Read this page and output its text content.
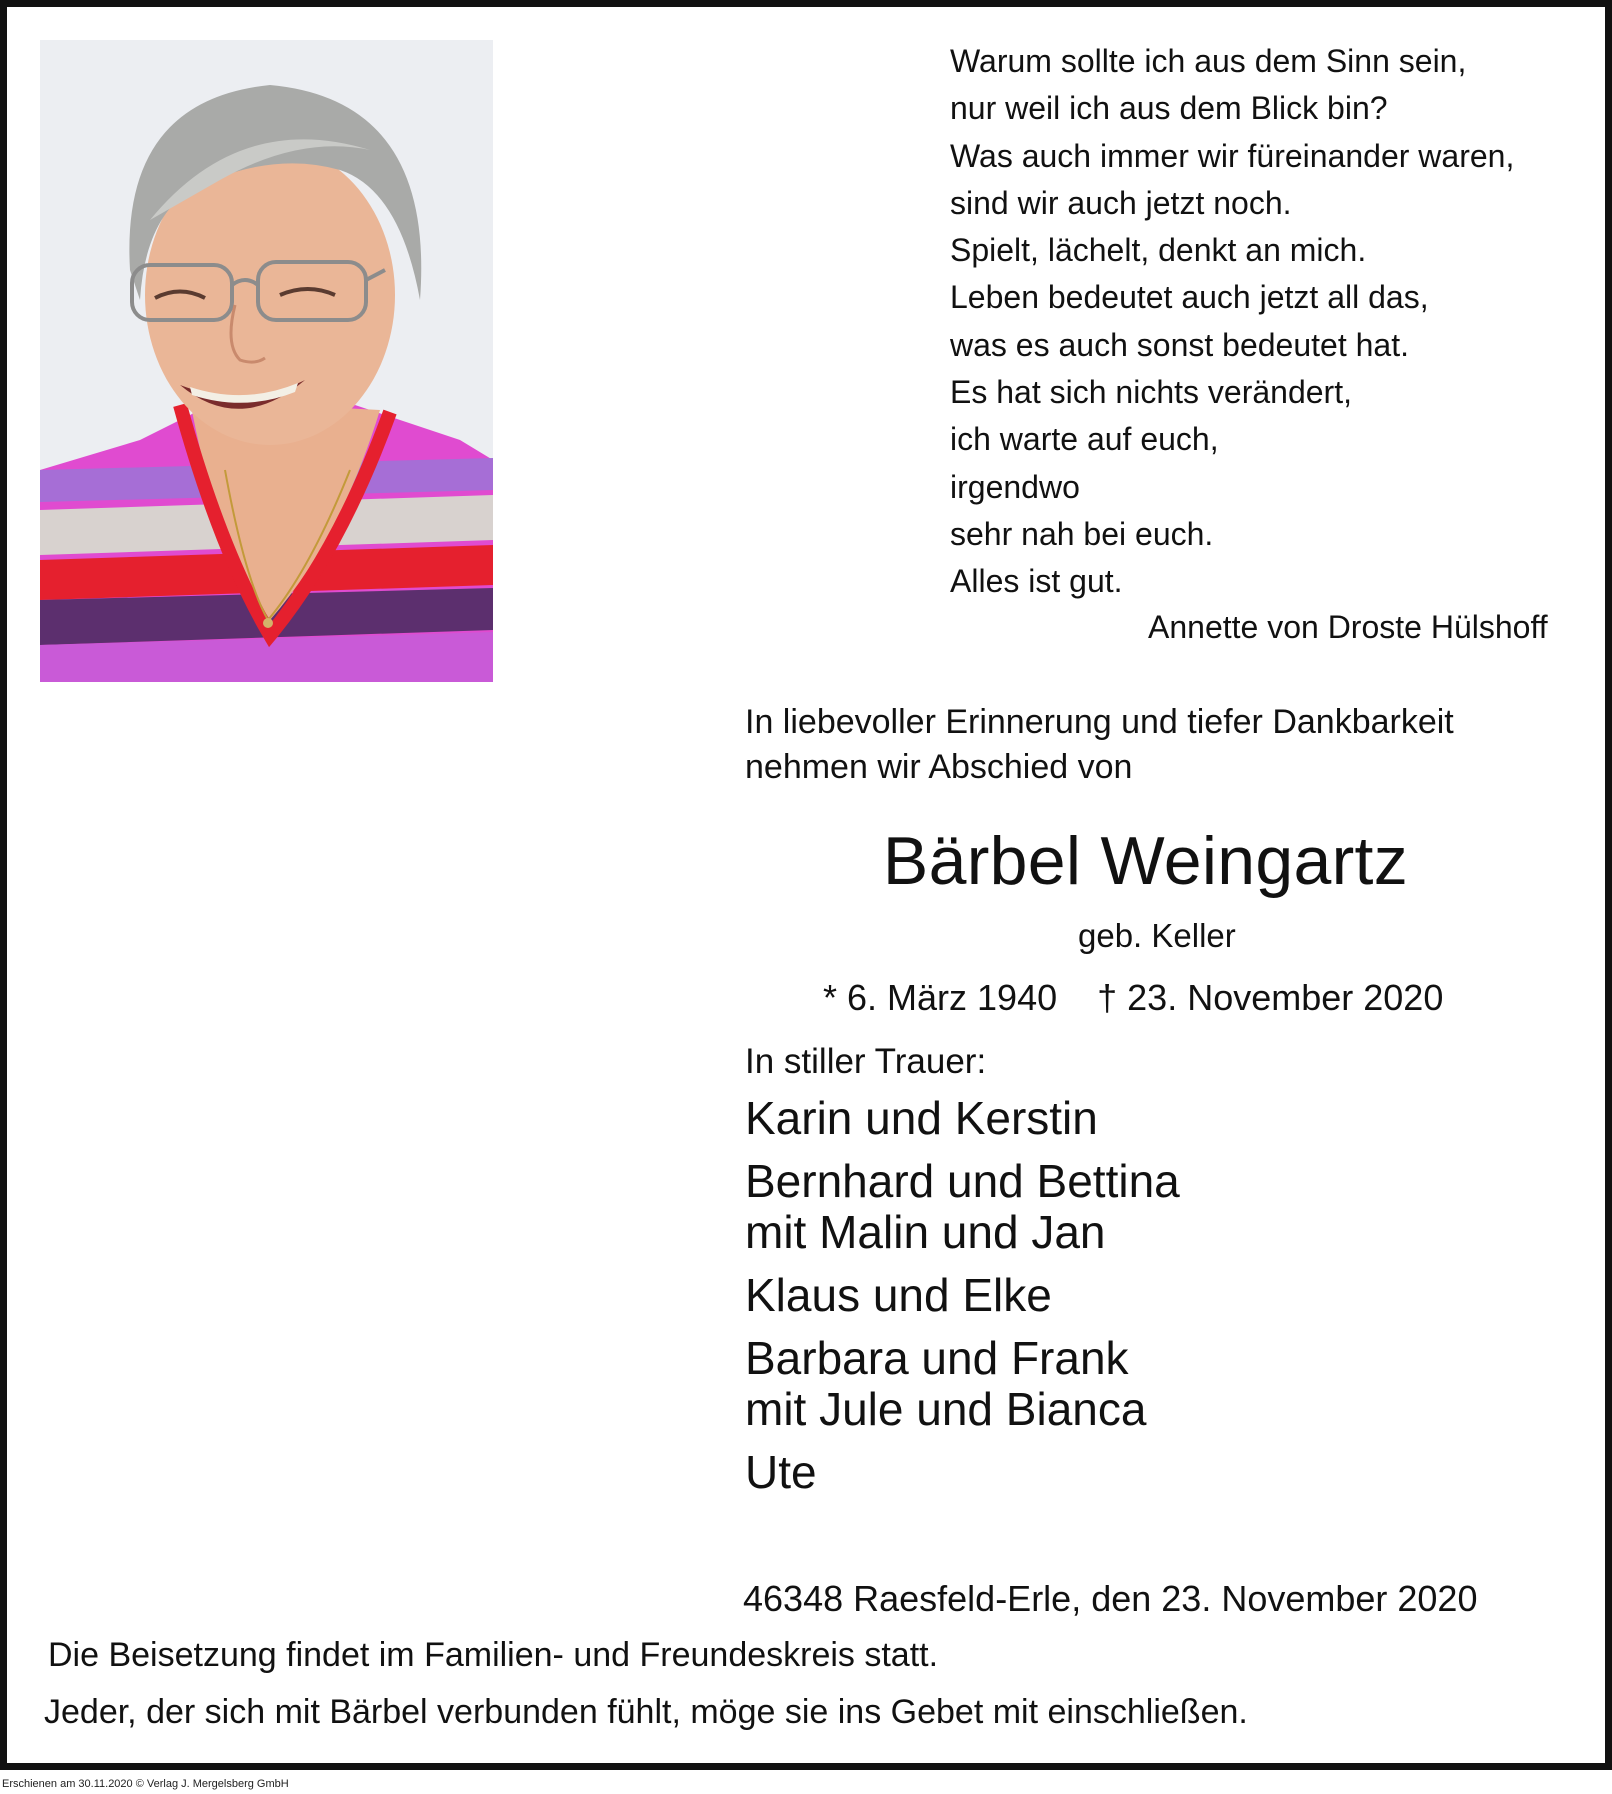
Warum sollte ich aus dem Sinn sein,
nur weil ich aus dem Blick bin?
Was auch immer wir füreinander waren,
sind wir auch jetzt noch.
Spielt, lächelt, denkt an mich.
Leben bedeutet auch jetzt all das,
was es auch sonst bedeutet hat.
Es hat sich nichts verändert,
ich warte auf euch,
irgendwo
sehr nah bei euch.
Alles ist gut.
Annette von Droste Hülshoff
In liebevoller Erinnerung und tiefer Dankbarkeit
nehmen wir Abschied von
Bärbel Weingartz
geb. Keller
* 6. März 1940 † 23. November 2020
In stiller Trauer:
Karin und Kerstin
Bernhard und Bettina
mit Malin und Jan
Klaus und Elke
Barbara und Frank
mit Jule und Bianca
Ute
46348 Raesfeld-Erle, den 23. November 2020
Die Beisetzung findet im Familien- und Freundeskreis statt.
Jeder, der sich mit Bärbel verbunden fühlt, möge sie ins Gebet mit einschließen.
Erschienen am 30.11.2020 © Verlag J. Mergelsberg GmbH
